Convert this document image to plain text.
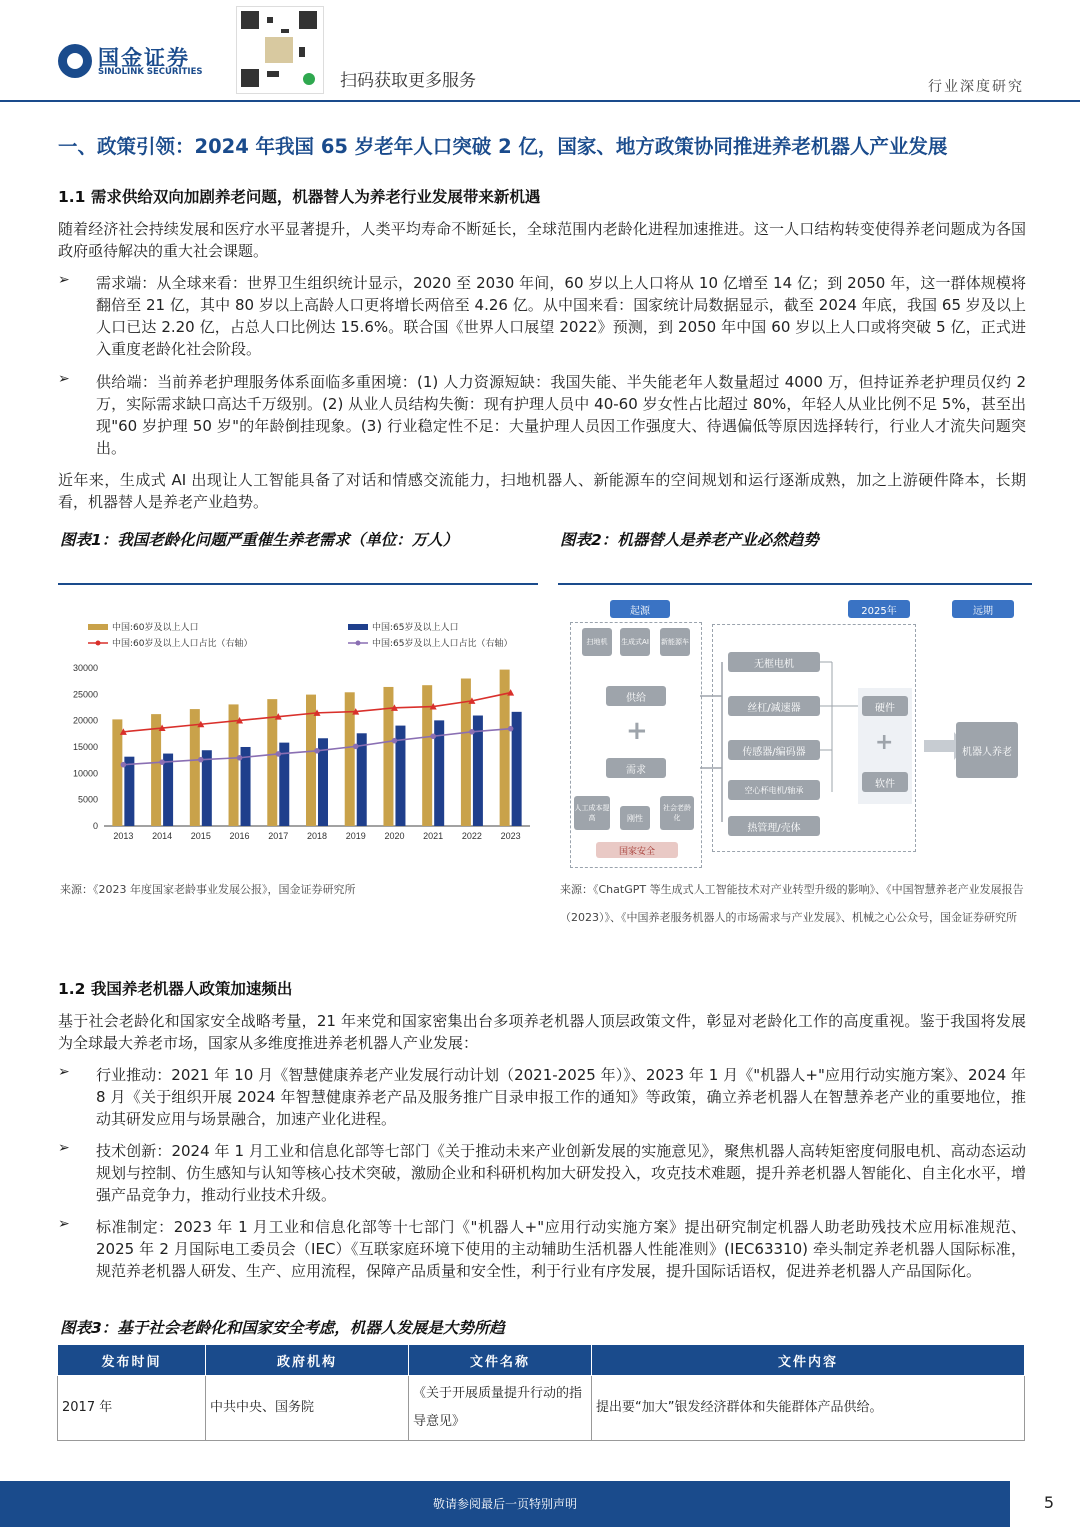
国金证券
SINOLINK SECURITIES	扫码获取更多服务	行业深度研究
一、政策引领：2024 年我国 65 岁老年人口突破 2 亿，国家、地方政策协同推进养老机器人产业发展
1.1 需求供给双向加剧养老问题，机器替人为养老行业发展带来新机遇
随着经济社会持续发展和医疗水平显著提升，人类平均寿命不断延长，全球范围内老龄化进程加速推进。这一人口结构转变使得养老问题成为各国政府亟待解决的重大社会课题。
➢ 需求端：从全球来看：世界卫生组织统计显示，2020 至 2030 年间，60 岁以上人口将从 10 亿增至 14 亿；到 2050 年，这一群体规模将翻倍至 21 亿，其中 80 岁以上高龄人口更将增长两倍至 4.26 亿。从中国来看：国家统计局数据显示，截至 2024 年底，我国 65 岁及以上人口已达 2.20 亿，占总人口比例达 15.6%。联合国《世界人口展望 2022》预测，到 2050 年中国 60 岁以上人口或将突破 5 亿，正式进入重度老龄化社会阶段。
➢ 供给端：当前养老护理服务体系面临多重困境：(1) 人力资源短缺：我国失能、半失能老年人数量超过 4000 万，但持证养老护理员仅约 2 万，实际需求缺口高达千万级别。(2) 从业人员结构失衡：现有护理人员中 40-60 岁女性占比超过 80%，年轻人从业比例不足 5%，甚至出现"60 岁护理 50 岁"的年龄倒挂现象。(3) 行业稳定性不足：大量护理人员因工作强度大、待遇偏低等原因选择转行，行业人才流失问题突出。
近年来，生成式 AI 出现让人工智能具备了对话和情感交流能力，扫地机器人、新能源车的空间规划和运行逐渐成熟，加之上游硬件降本，长期看，机器替人是养老产业趋势。
图表1：我国老龄化问题严重催生养老需求（单位：万人）	图表2：机器替人是养老产业必然趋势
30000
25000
20000
15000
10000
5000
0
2013 2014 2015 2016 2017 2018 2019 2020 2021 2022 2023
中国:60岁及以上人口	中国:65岁及以上人口
中国:60岁及以上人口占比（右轴）	中国:65岁及以上人口占比（右轴）
起源	2025年	远期
扫地机	生成式AI 新能源车
供给
+
需求
人工成本提高	刚性
社会老龄化
国家安全
无框电机
丝杠/减速器
传感器/编码器
空心杯电机/轴承
热管理/壳体
硬件
+
软件
机器人养老
来源：《2023 年度国家老龄事业发展公报》，国金证券研究所	来源：《ChatGPT 等生成式人工智能技术对产业转型升级的影响》、《中国智慧养老产业发展报告（2023）》、《中国养老服务机器人的市场需求与产业发展》、机械之心公众号，国金证券研究所
1.2 我国养老机器人政策加速频出
基于社会老龄化和国家安全战略考量，21 年来党和国家密集出台多项养老机器人顶层政策文件，彰显对老龄化工作的高度重视。鉴于我国将发展为全球最大养老市场，国家从多维度推进养老机器人产业发展：
➢ 行业推动：2021 年 10 月《智慧健康养老产业发展行动计划（2021-2025 年）》、2023 年 1 月《"机器人+"应用行动实施方案》、2024 年 8 月《关于组织开展 2024 年智慧健康养老产品及服务推广目录申报工作的通知》等政策，确立养老机器人在智慧养老产业的重要地位，推动其研发应用与场景融合，加速产业化进程。
➢ 技术创新：2024 年 1 月工业和信息化部等七部门《关于推动未来产业创新发展的实施意见》，聚焦机器人高转矩密度伺服电机、高动态运动规划与控制、仿生感知与认知等核心技术突破，激励企业和科研机构加大研发投入，攻克技术难题，提升养老机器人智能化、自主化水平，增强产品竞争力，推动行业技术升级。
➢ 标准制定：2023 年 1 月工业和信息化部等十七部门《"机器人+"应用行动实施方案》提出研究制定机器人助老助残技术应用标准规范、2025 年 2 月国际电工委员会（IEC）《互联家庭环境下使用的主动辅助生活机器人性能准则》(IEC63310) 牵头制定养老机器人国际标准，规范养老机器人研发、生产、应用流程，保障产品质量和安全性，利于行业有序发展，提升国际话语权，促进养老机器人产品国际化。
图表3：基于社会老龄化和国家安全考虑，机器人发展是大势所趋
发布时间	政府机构	文件名称	文件内容
2017 年	中共中央、国务院	《关于开展质量提升行动的指导意见》	提出要“加大”银发经济群体和失能群体产品供给。
敬请参阅最后一页特别声明	5
